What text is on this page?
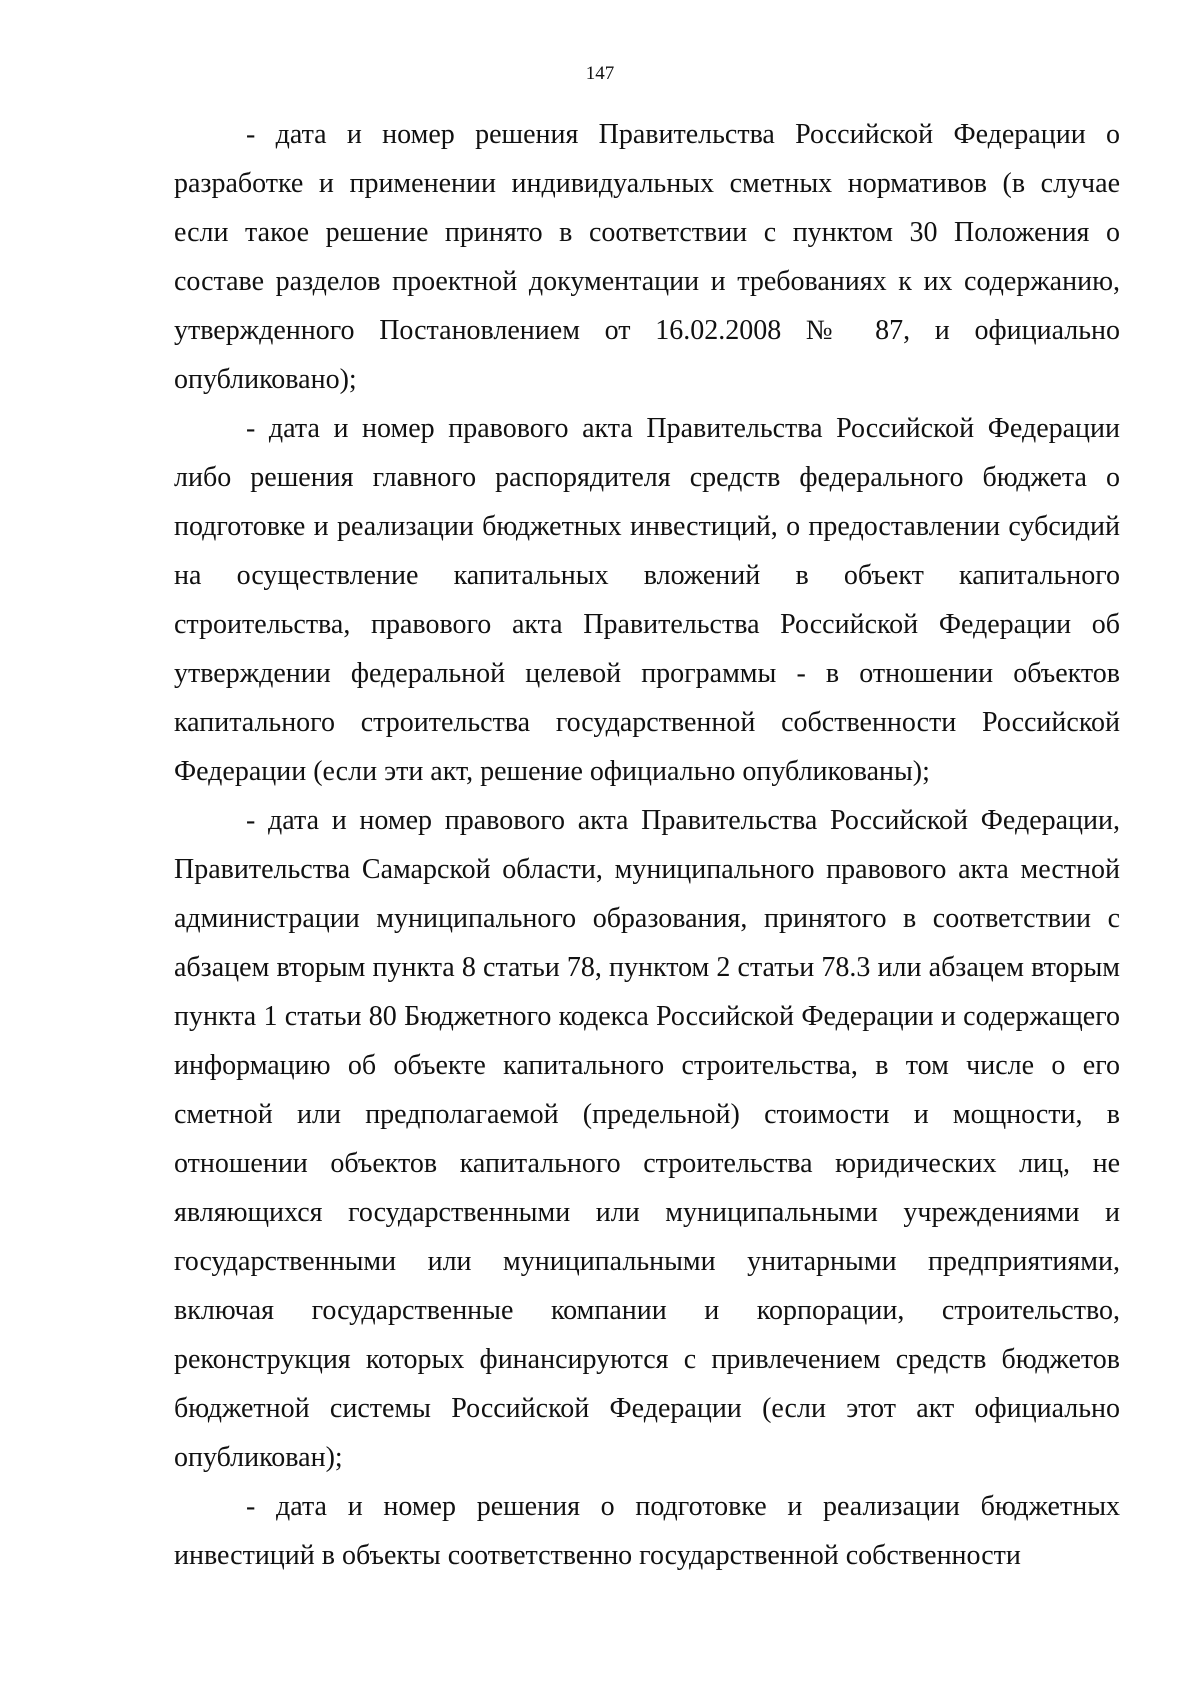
147

- дата и номер решения Правительства Российской Федерации о разработке и применении индивидуальных сметных нормативов (в случае если такое решение принято в соответствии с пунктом 30 Положения о составе разделов проектной документации и требованиях к их содержанию, утвержденного Постановлением от 16.02.2008 № 87, и официально опубликовано);

- дата и номер правового акта Правительства Российской Федерации либо решения главного распорядителя средств федерального бюджета о подготовке и реализации бюджетных инвестиций, о предоставлении субсидий на осуществление капитальных вложений в объект капитального строительства, правового акта Правительства Российской Федерации об утверждении федеральной целевой программы - в отношении объектов капитального строительства государственной собственности Российской Федерации (если эти акт, решение официально опубликованы);

- дата и номер правового акта Правительства Российской Федерации, Правительства Самарской области, муниципального правового акта местной администрации муниципального образования, принятого в соответствии с абзацем вторым пункта 8 статьи 78, пунктом 2 статьи 78.3 или абзацем вторым пункта 1 статьи 80 Бюджетного кодекса Российской Федерации и содержащего информацию об объекте капитального строительства, в том числе о его сметной или предполагаемой (предельной) стоимости и мощности, в отношении объектов капитального строительства юридических лиц, не являющихся государственными или муниципальными учреждениями и государственными или муниципальными унитарными предприятиями, включая государственные компании и корпорации, строительство, реконструкция которых финансируются с привлечением средств бюджетов бюджетной системы Российской Федерации (если этот акт официально опубликован);

- дата и номер решения о подготовке и реализации бюджетных инвестиций в объекты соответственно государственной собственности
